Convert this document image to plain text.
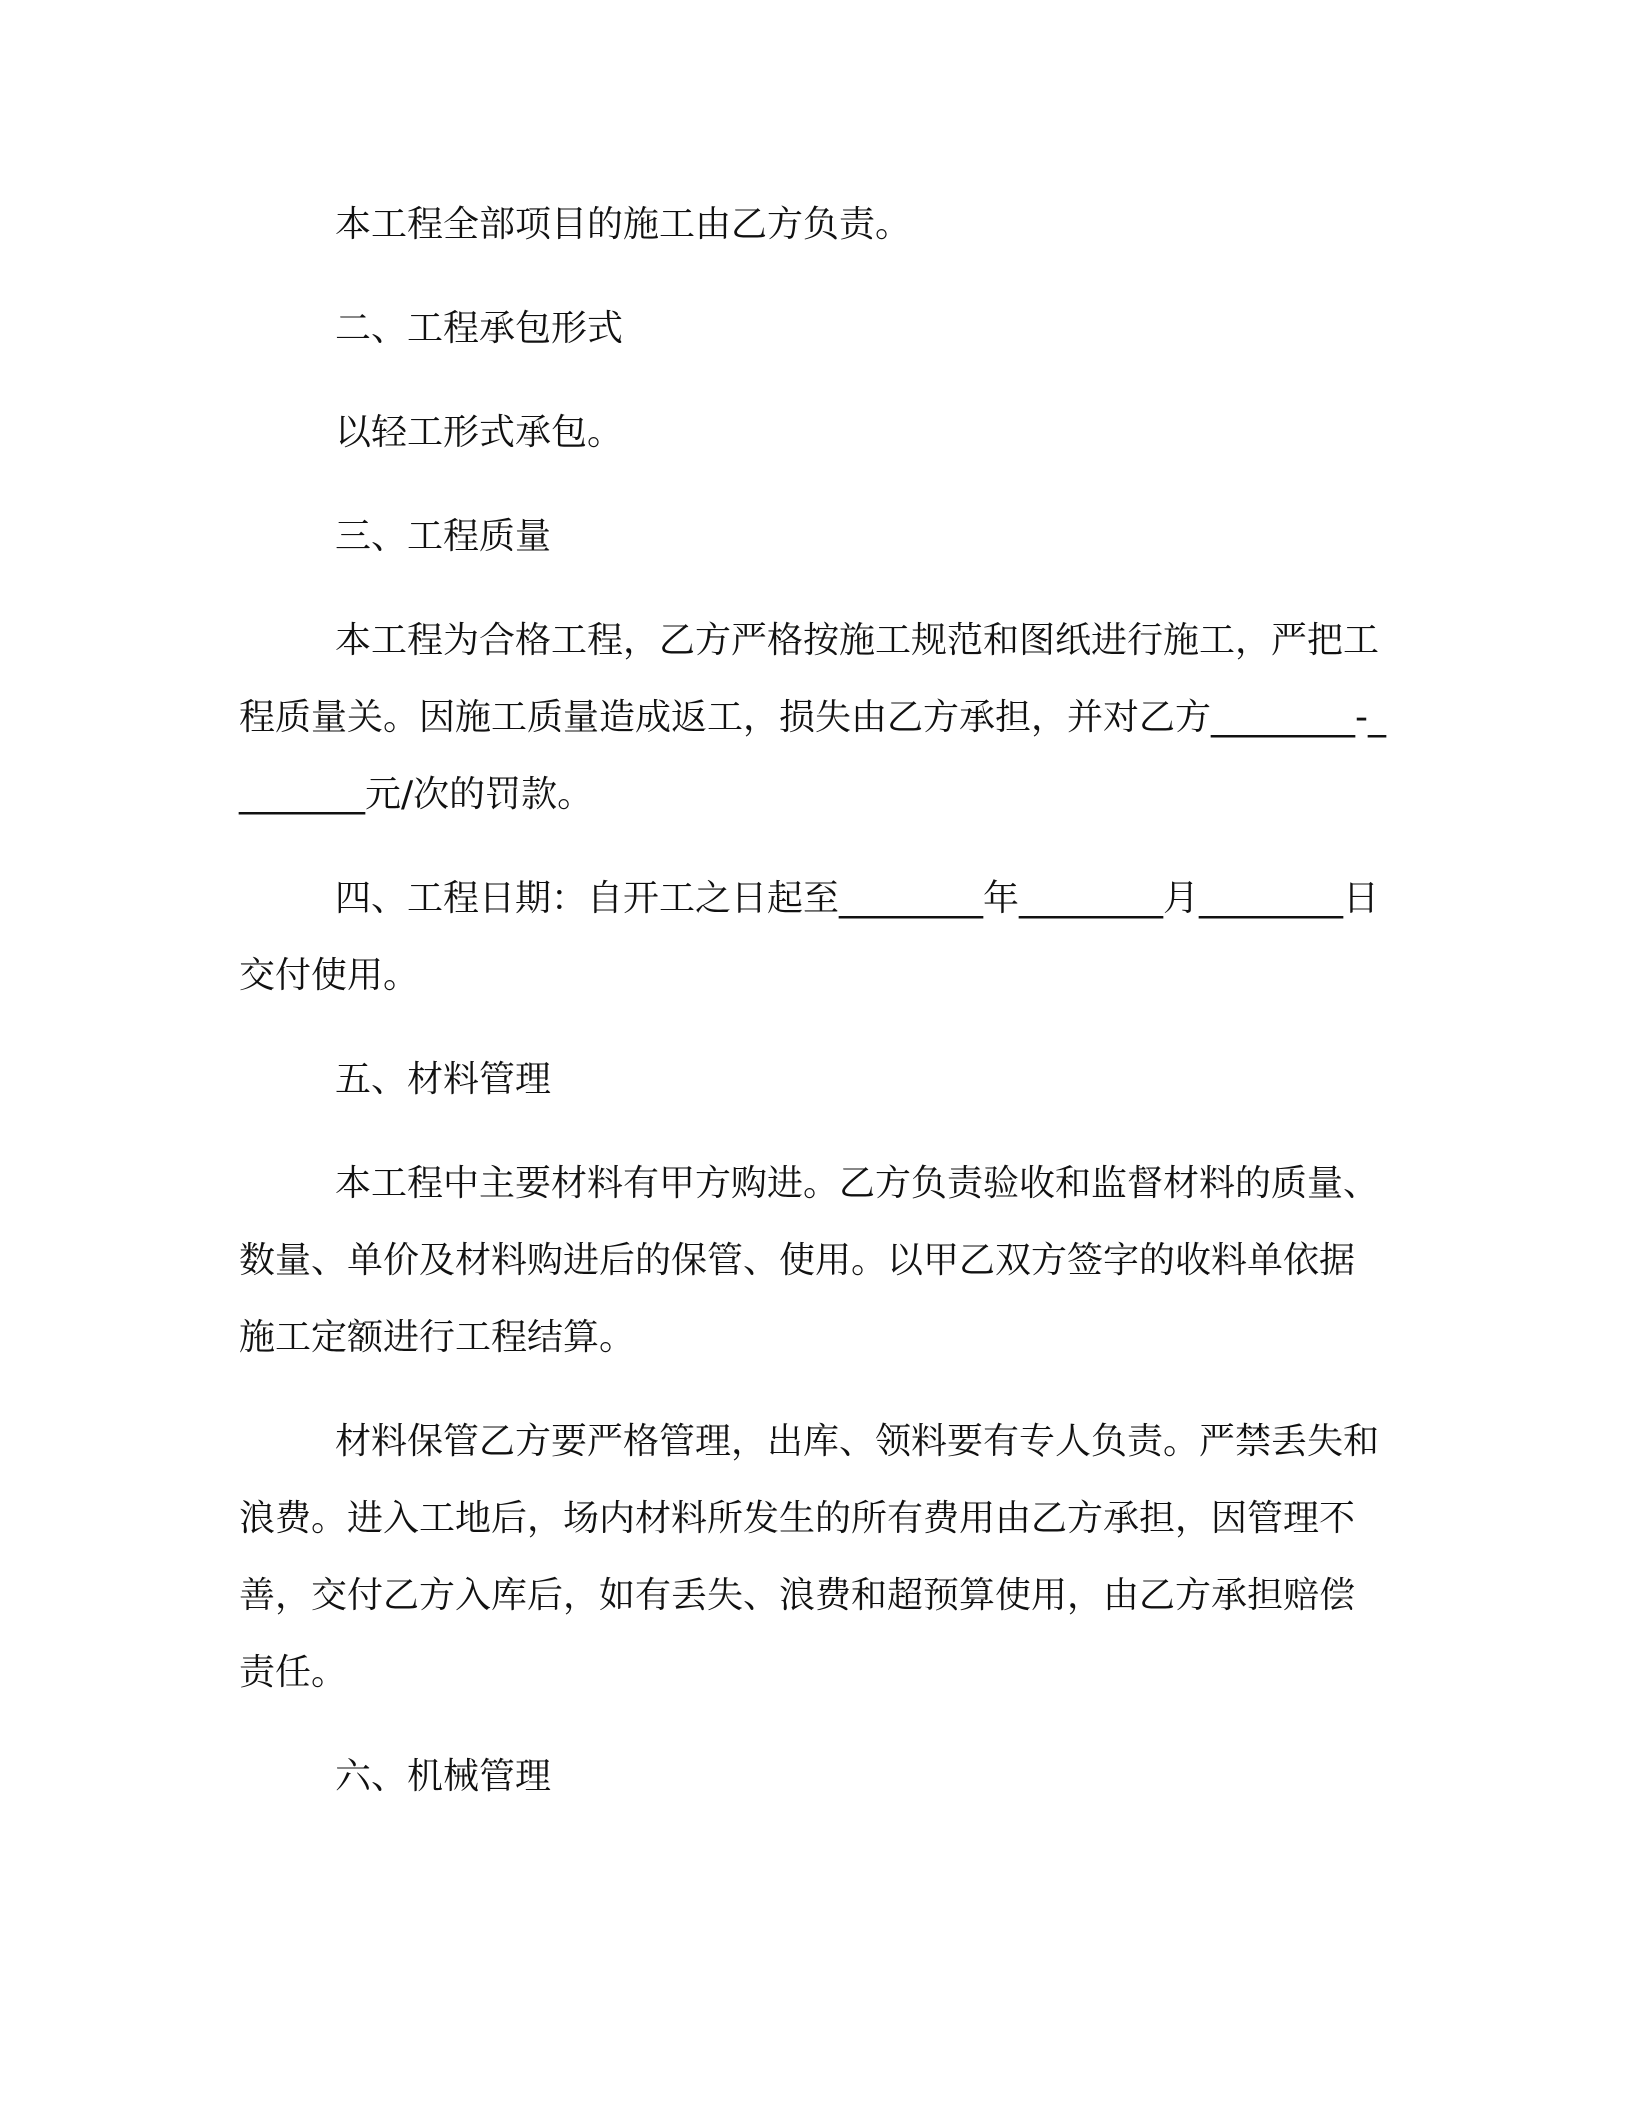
本工程全部项目的施工由乙方负责。

二、工程承包形式

以轻工形式承包。

三、工程质量

本工程为合格工程，乙方严格按施工规范和图纸进行施工，严把工程质量关。因施工质量造成返工，损失由乙方承担，并对乙方________-________元/次的罚款。

四、工程日期：自开工之日起至________年________月________日交付使用。

五、材料管理

本工程中主要材料有甲方购进。乙方负责验收和监督材料的质量、数量、单价及材料购进后的保管、使用。以甲乙双方签字的收料单依据施工定额进行工程结算。

材料保管乙方要严格管理，出库、领料要有专人负责。严禁丢失和浪费。进入工地后，场内材料所发生的所有费用由乙方承担，因管理不善，交付乙方入库后，如有丢失、浪费和超预算使用，由乙方承担赔偿责任。

六、机械管理
